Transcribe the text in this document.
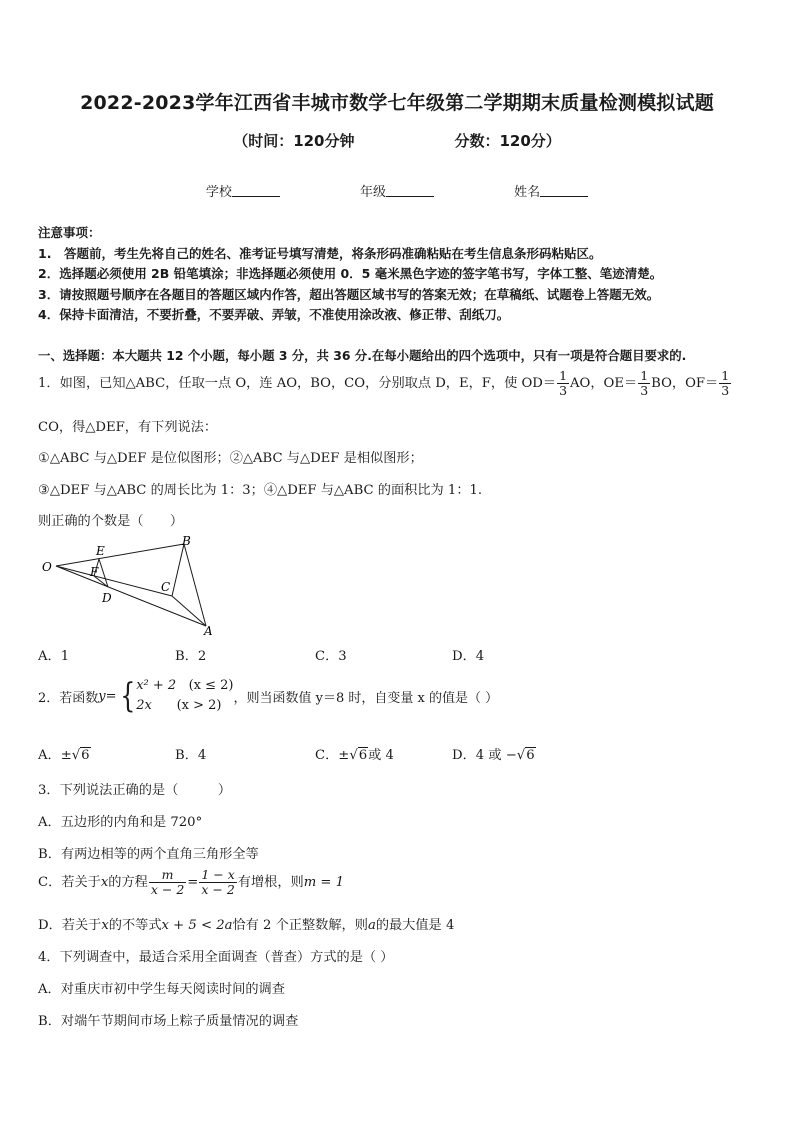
2022-2023学年江西省丰城市数学七年级第二学期期末质量检测模拟试题
（时间：120分钟	分数：120分）
学校	年级	姓名
注意事项：
1.　答题前，考生先将自己的姓名、准考证号填写清楚，将条形码准确粘贴在考生信息条形码粘贴区。
2．选择题必须使用 2B 铅笔填涂；非选择题必须使用 0．5 毫米黑色字迹的签字笔书写，字体工整、笔迹清楚。
3．请按照题号顺序在各题目的答题区域内作答，超出答题区域书写的答案无效；在草稿纸、试题卷上答题无效。
4．保持卡面清洁，不要折叠，不要弄破、弄皱，不准使用涂改液、修正带、刮纸刀。
一、选择题：本大题共 12 个小题，每小题 3 分，共 36 分.在每小题给出的四个选项中，只有一项是符合题目要求的.
1．如图，已知△ABC，任取一点 O，连 AO，BO，CO，分别取点 D，E，F，使 $OD= \frac{1}{3}$ AO，$OE= \frac{1}{3}$ BO，$OF= \frac{1}{3}$
CO，得△DEF，有下列说法：
①△ABC 与△DEF 是位似图形；②△ABC 与△DEF 是相似图形；
③△DEF 与△ABC 的周长比为 1：3；④△DEF 与△ABC 的面积比为 1：1.
则正确的个数是（　　）
O
E
F
D
B
C
A
A．1	B．2	C．3	D．4
2．若函数y={ x² + 2 (x ≤ 2)
2x (x > 2) ，则当函数值 y＝8 时，自变量 x 的值是（ ）
A．±√6	B．4	C．±√6或 4	D．4 或 −√6
3．下列说法正确的是（　　　）
A．五边形的内角和是 720°
B．有两边相等的两个直角三角形全等
C．若关于x的方程 $\frac{m}{x - 2} = \frac{1 - x}{x - 2}$ 有增根，则m = 1
D．若关于x的不等式x + 5 < 2a恰有 2 个正整数解，则a的最大值是 4
4．下列调查中，最适合采用全面调查（普查）方式的是（ ）
A．对重庆市初中学生每天阅读时间的调查
B．对端午节期间市场上粽子质量情况的调查
